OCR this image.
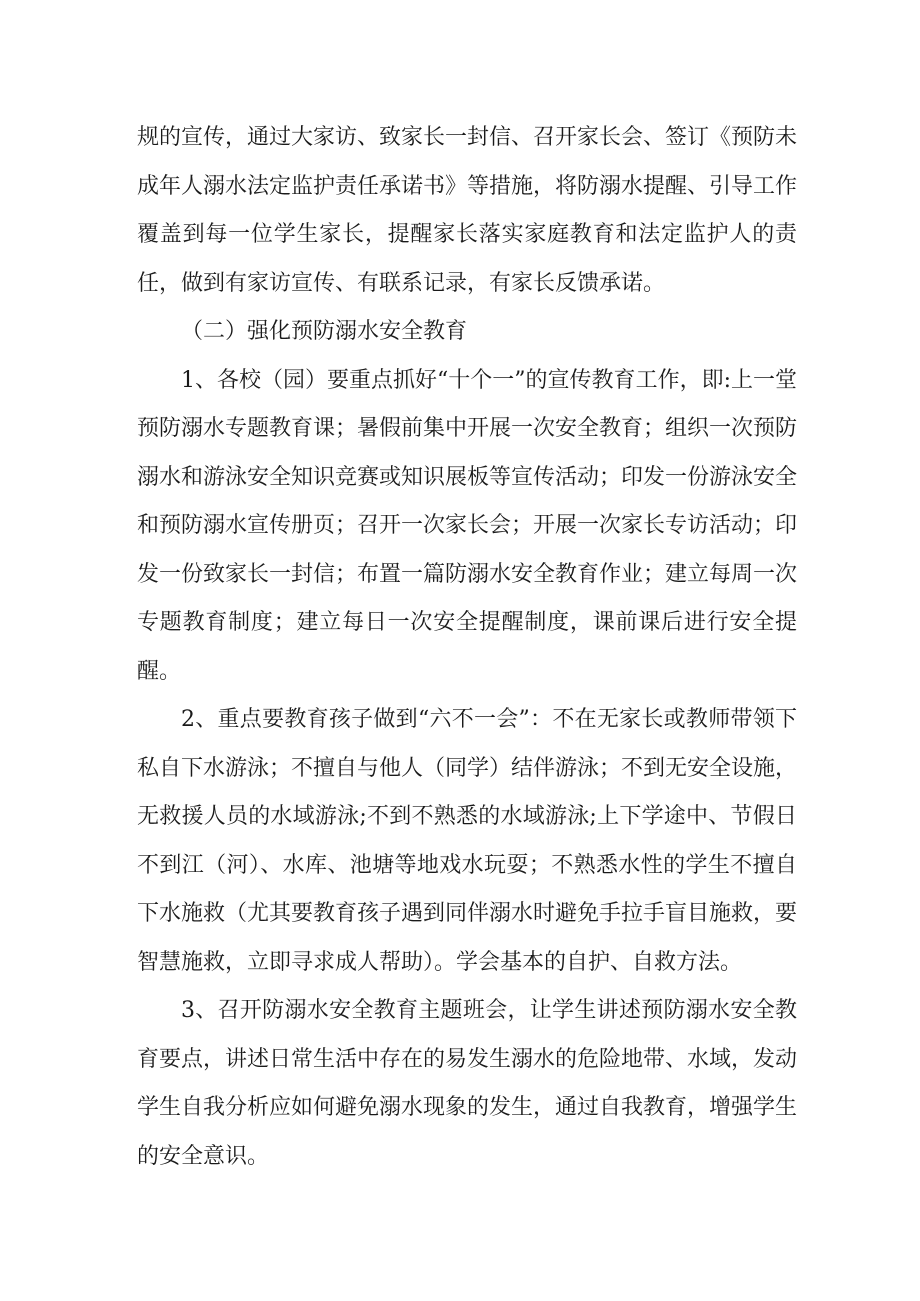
规的宣传，通过大家访、致家长一封信、召开家长会、签订《预防未成年人溺水法定监护责任承诺书》等措施，将防溺水提醒、引导工作覆盖到每一位学生家长，提醒家长落实家庭教育和法定监护人的责任，做到有家访宣传、有联系记录，有家长反馈承诺。

（二）强化预防溺水安全教育

1、各校（园）要重点抓好“十个一”的宣传教育工作，即:上一堂预防溺水专题教育课；暑假前集中开展一次安全教育；组织一次预防溺水和游泳安全知识竞赛或知识展板等宣传活动；印发一份游泳安全和预防溺水宣传册页；召开一次家长会；开展一次家长专访活动；印发一份致家长一封信；布置一篇防溺水安全教育作业；建立每周一次专题教育制度；建立每日一次安全提醒制度，课前课后进行安全提醒。

2、重点要教育孩子做到“六不一会”：不在无家长或教师带领下私自下水游泳；不擅自与他人（同学）结伴游泳；不到无安全设施，无救援人员的水域游泳;不到不熟悉的水域游泳;上下学途中、节假日不到江（河）、水库、池塘等地戏水玩耍；不熟悉水性的学生不擅自下水施救（尤其要教育孩子遇到同伴溺水时避免手拉手盲目施救，要智慧施救，立即寻求成人帮助）。学会基本的自护、自救方法。

3、召开防溺水安全教育主题班会，让学生讲述预防溺水安全教育要点，讲述日常生活中存在的易发生溺水的危险地带、水域，发动学生自我分析应如何避免溺水现象的发生，通过自我教育，增强学生的安全意识。
